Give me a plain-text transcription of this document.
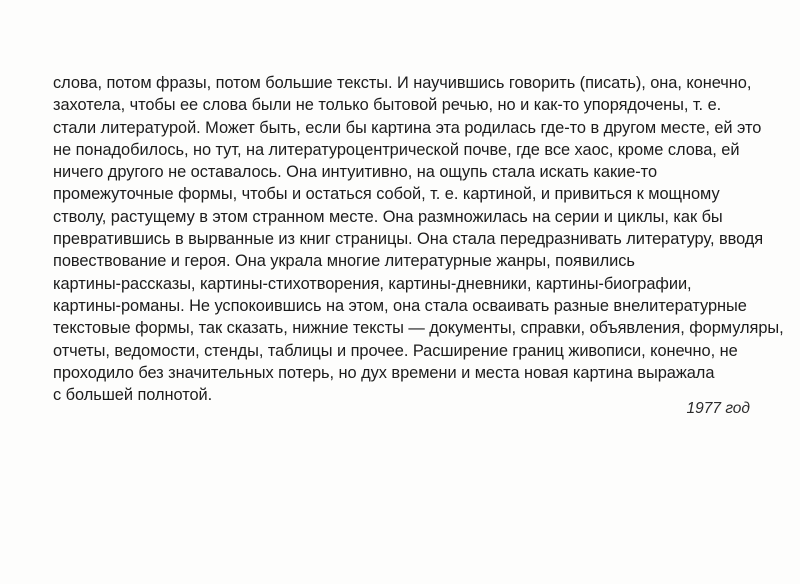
слова, потом фразы, потом большие тексты. И научившись говорить (писать), она, конечно,
захотела, чтобы ее слова были не только бытовой речью, но и как-то упорядочены, т. е.
стали литературой. Может быть, если бы картина эта родилась где-то в другом месте, ей это
не понадобилось, но тут, на литературоцентрической почве, где все хаос, кроме слова, ей
ничего другого не оставалось. Она интуитивно, на ощупь стала искать какие-то
промежуточные формы, чтобы и остаться собой, т. е. картиной, и привиться к мощному
стволу, растущему в этом странном месте. Она размножилась на серии и циклы, как бы
превратившись в вырванные из книг страницы. Она стала передразнивать литературу, вводя
повествование и героя. Она украла многие литературные жанры, появились
картины-рассказы, картины-стихотворения, картины-дневники, картины-биографии,
картины-романы. Не успокоившись на этом, она стала осваивать разные внелитературные
текстовые формы, так сказать, нижние тексты — документы, справки, объявления, формуляры,
отчеты, ведомости, стенды, таблицы и прочее. Расширение границ живописи, конечно, не
проходило без значительных потерь, но дух времени и места новая картина выражала
с большей полнотой.
1977 год
